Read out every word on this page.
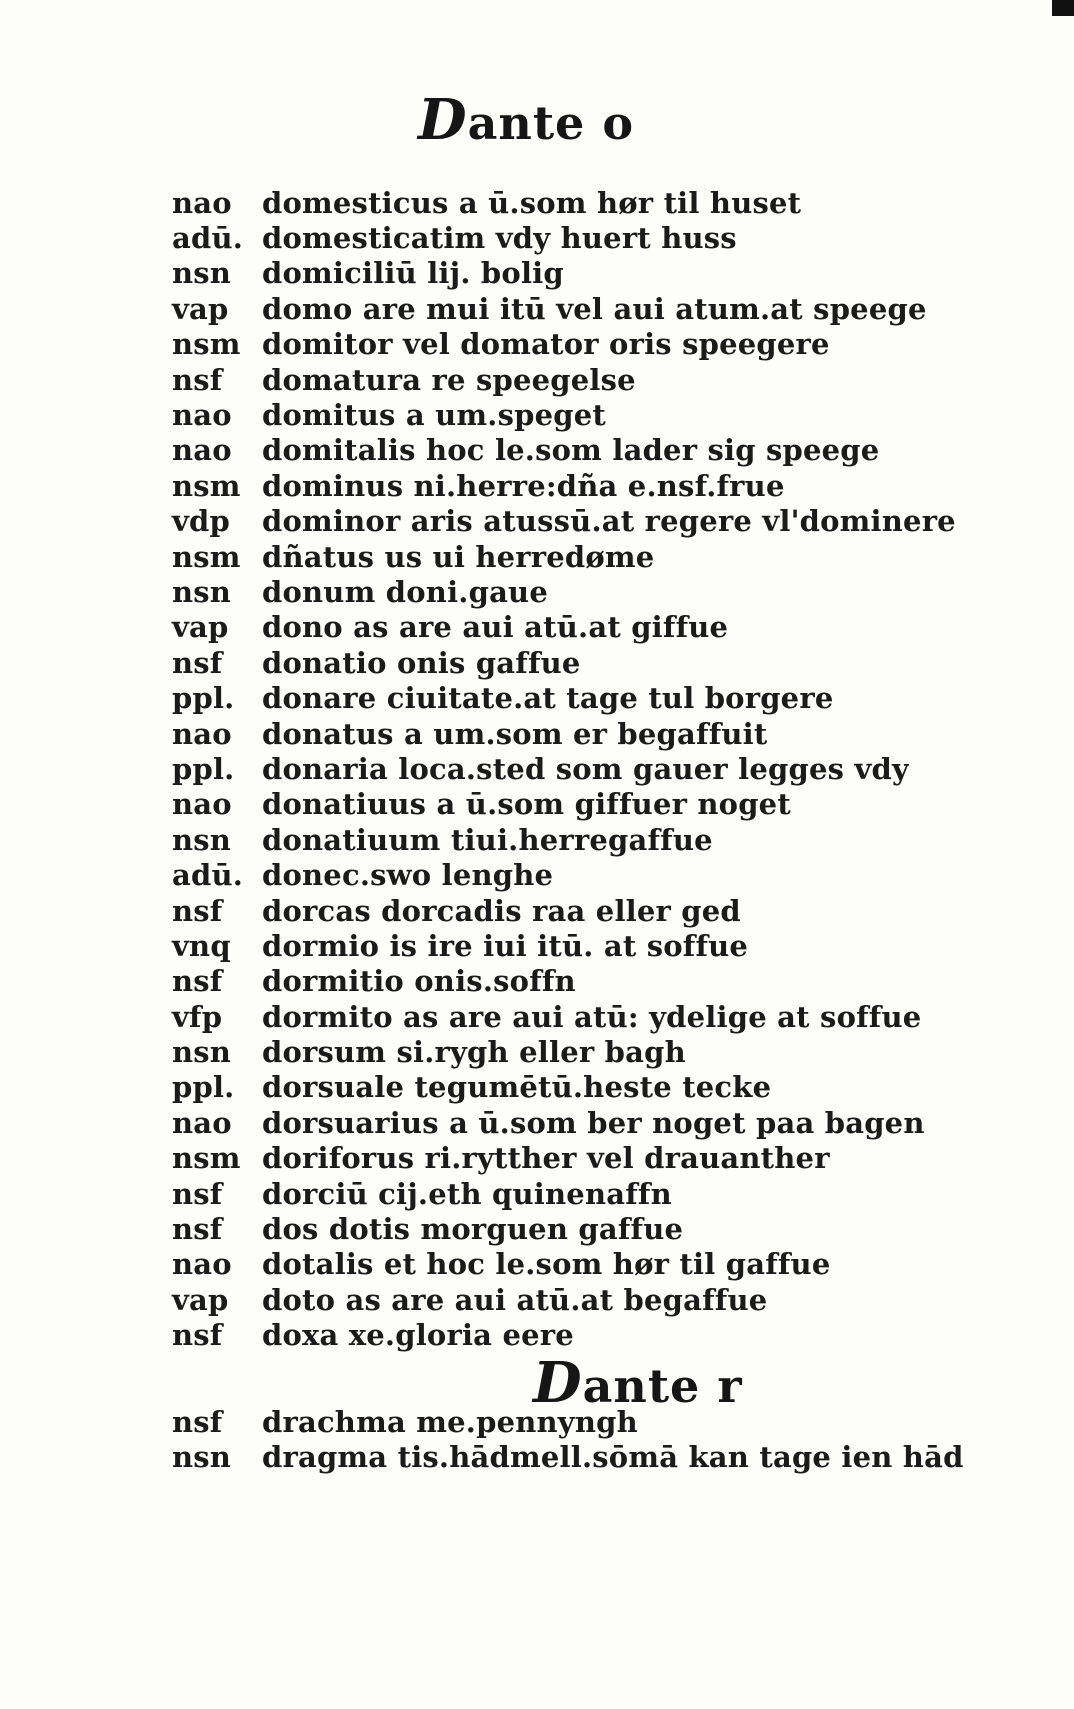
Dante o
nao	domesticus a ū.som hør til huset
adū. domesticatim vdy huert huss
nsn	domiciliū lij. bolig
vap	domo are mui itū vel aui atum.at speege
nsm domitor vel domator oris speegere
nsf	domatura re speegelse
nao	domitus a um.speget
nao	domitalis hoc le.som lader sig speege
nsm dominus ni.herre:dña e.nsf.frue
vdp	dominor aris atussū.at regere vl'dominere
nsm dñatus us ui herredøme
nsn	donum doni.gaue
vap	dono as are aui atū.at giffue
nsf	donatio onis gaffue
ppl. donare ciuitate.at tage tul borgere
nao	donatus a um.som er begaffuit
ppl. donaria loca.sted som gauer legges vdy
nao	donatiuus a ū.som giffuer noget
nsn	donatiuum tiui.herregaffue
adū. donec.swo lenghe
nsf	dorcas dorcadis raa eller ged
vnq	dormio is ire iui itū. at soffue
nsf	dormitio onis.soffn
vfp	dormito as are aui atū: ydelige at soffue
nsn	dorsum si.rygh eller bagh
ppl. dorsuale tegumētū.heste tecke
nao	dorsuarius a ū.som ber noget paa bagen
nsm doriforus ri.rytther vel drauanther
nsf	dorciū cij.eth quinenaffn
nsf	dos dotis morguen gaffue
nao	dotalis et hoc le.som hør til gaffue
vap	doto as are aui atū.at begaffue
nsf	doxa xe.gloria eere
Dante r
nsf	drachma me.pennyngh
nsn	dragma tis.hādmell.sōmā kan tage ien hād
